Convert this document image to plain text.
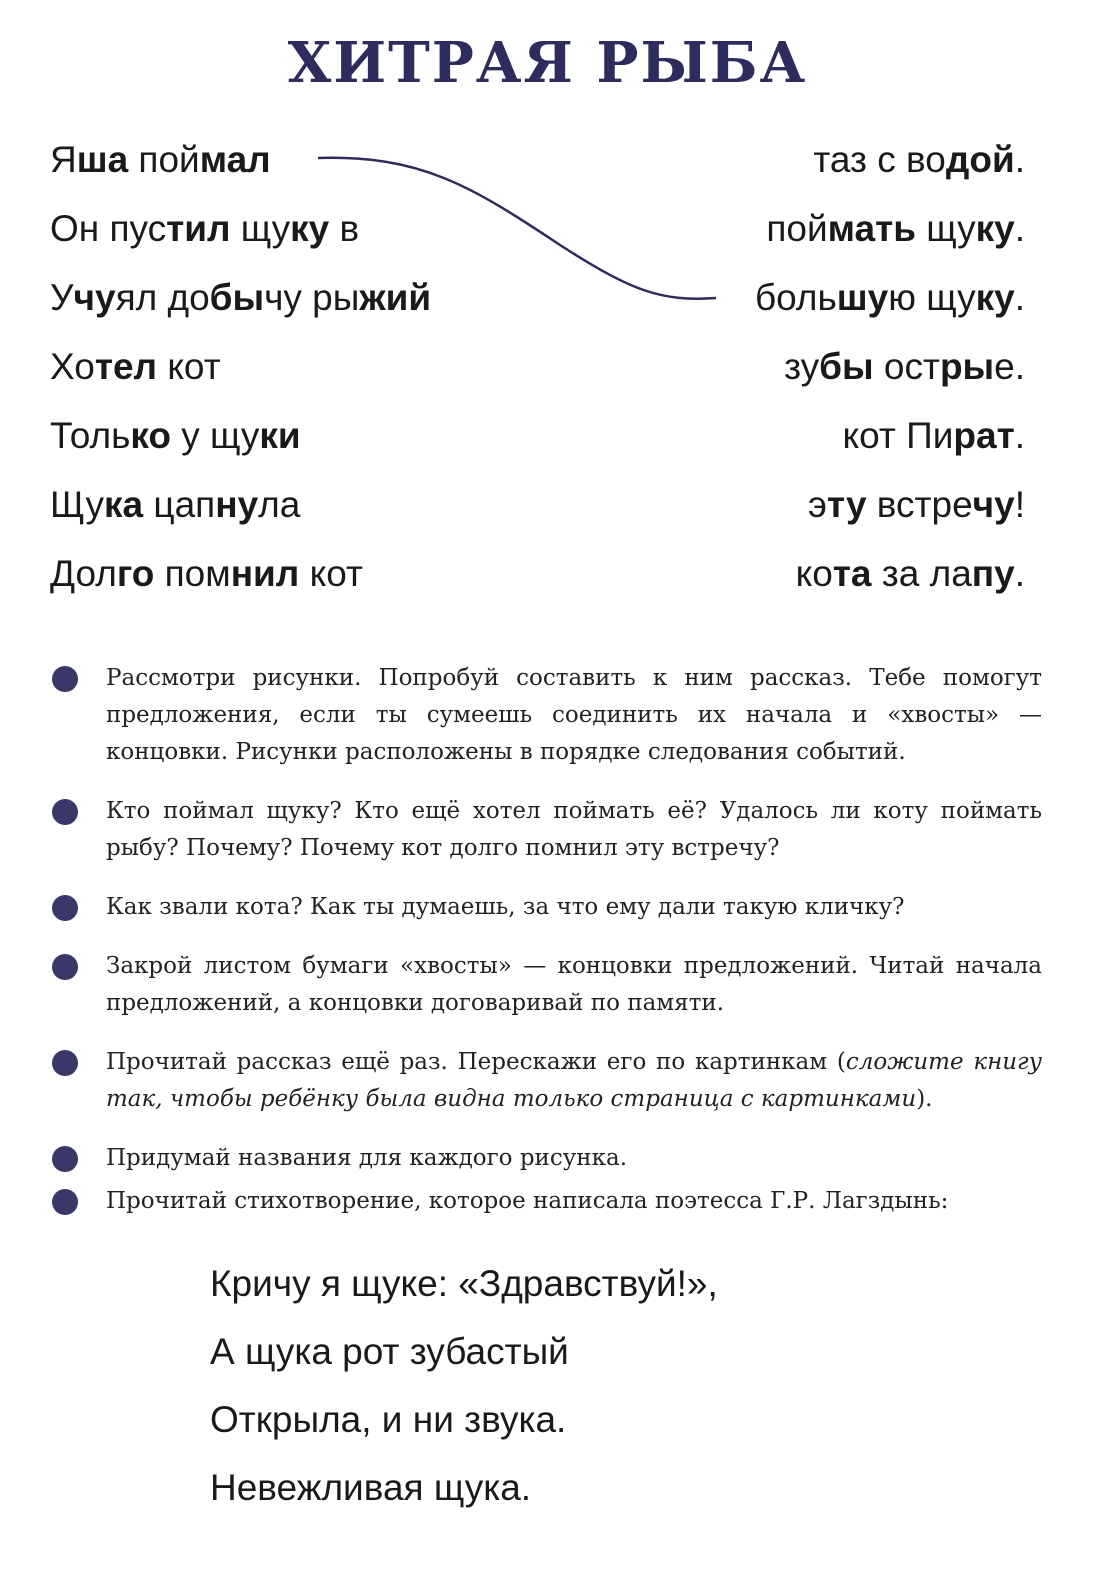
ХИТРАЯ РЫБА
Яша поймал
Он пустил щуку в
Учуял добычу рыжий
Хотел кот
Только у щуки
Щука цапнула
Долго помнил кот
таз с водой.
поймать щуку.
большую щуку.
зубы острые.
кот Пират.
эту встречу!
кота за лапу.
Рассмотри рисунки. Попробуй составить к ним рассказ. Тебе помогут предложения, если ты сумеешь соединить их начала и «хвосты» — концовки. Рисунки расположены в порядке следования событий.
Кто поймал щуку? Кто ещё хотел поймать её? Удалось ли коту поймать рыбу? Почему? Почему кот долго помнил эту встречу?
Как звали кота? Как ты думаешь, за что ему дали такую кличку?
Закрой листом бумаги «хвосты» — концовки предложений. Читай начала предложений, а концовки договаривай по памяти.
Прочитай рассказ ещё раз. Перескажи его по картинкам (сложите книгу так, чтобы ребёнку была видна только страница с картинками).
Придумай названия для каждого рисунка.
Прочитай стихотворение, которое написала поэтесса Г.Р. Лагздынь:
Кричу я щуке: «Здравствуй!»,
А щука рот зубастый
Открыла, и ни звука.
Невежливая щука.
